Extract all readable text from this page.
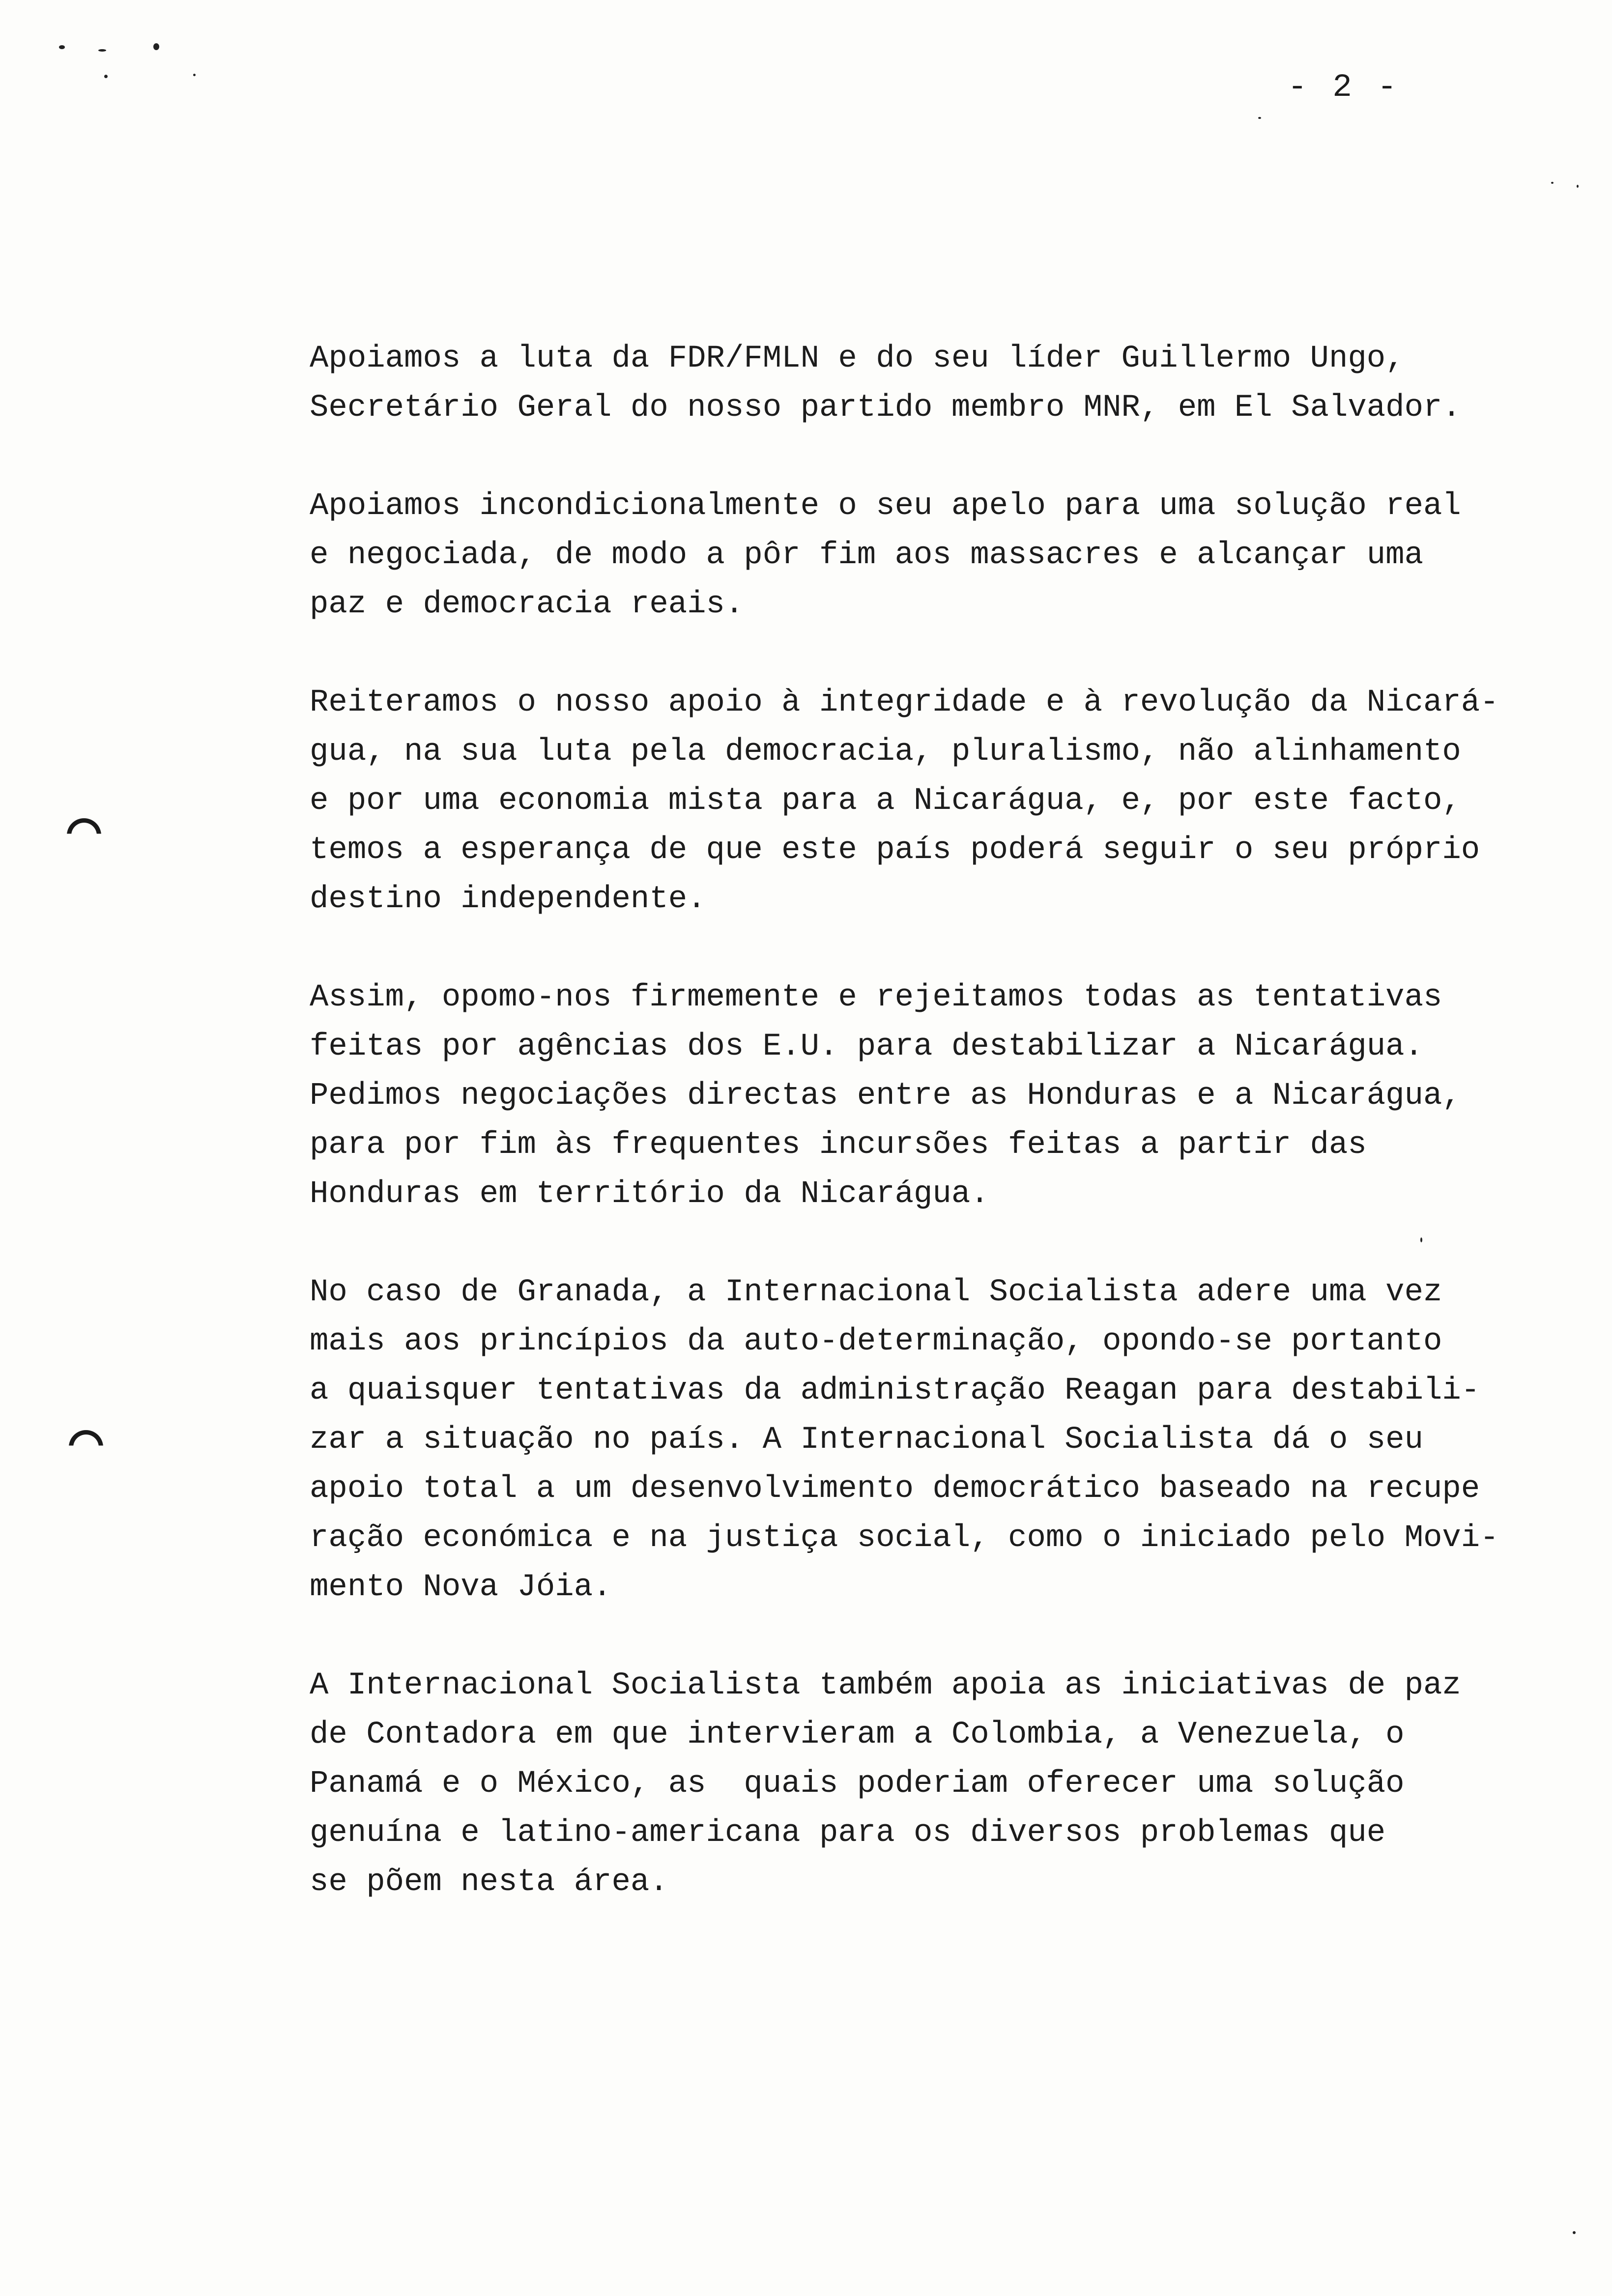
- 2 -
Apoiamos a luta da FDR/FMLN e do seu líder Guillermo Ungo,
Secretário Geral do nosso partido membro MNR, em El Salvador.
Apoiamos incondicionalmente o seu apelo para uma solução real
e negociada, de modo a pôr fim aos massacres e alcançar uma
paz e democracia reais.
Reiteramos o nosso apoio à integridade e à revolução da Nicará-
gua, na sua luta pela democracia, pluralismo, não alinhamento
e por uma economia mista para a Nicarágua, e, por este facto,
temos a esperança de que este país poderá seguir o seu próprio
destino independente.
Assim, opomo-nos firmemente e rejeitamos todas as tentativas
feitas por agências dos E.U. para destabilizar a Nicarágua.
Pedimos negociações directas entre as Honduras e a Nicarágua,
para por fim às frequentes incursões feitas a partir das
Honduras em território da Nicarágua.
No caso de Granada, a Internacional Socialista adere uma vez
mais aos princípios da auto-determinação, opondo-se portanto
a quaisquer tentativas da administração Reagan para destabili-
zar a situação no país. A Internacional Socialista dá o seu
apoio total a um desenvolvimento democrático baseado na recupe
ração económica e na justiça social, como o iniciado pelo Movi-
mento Nova Jóia.
A Internacional Socialista também apoia as iniciativas de paz
de Contadora em que intervieram a Colombia, a Venezuela, o
Panamá e o México, as  quais poderiam oferecer uma solução
genuína e latino-americana para os diversos problemas que
se põem nesta área.
